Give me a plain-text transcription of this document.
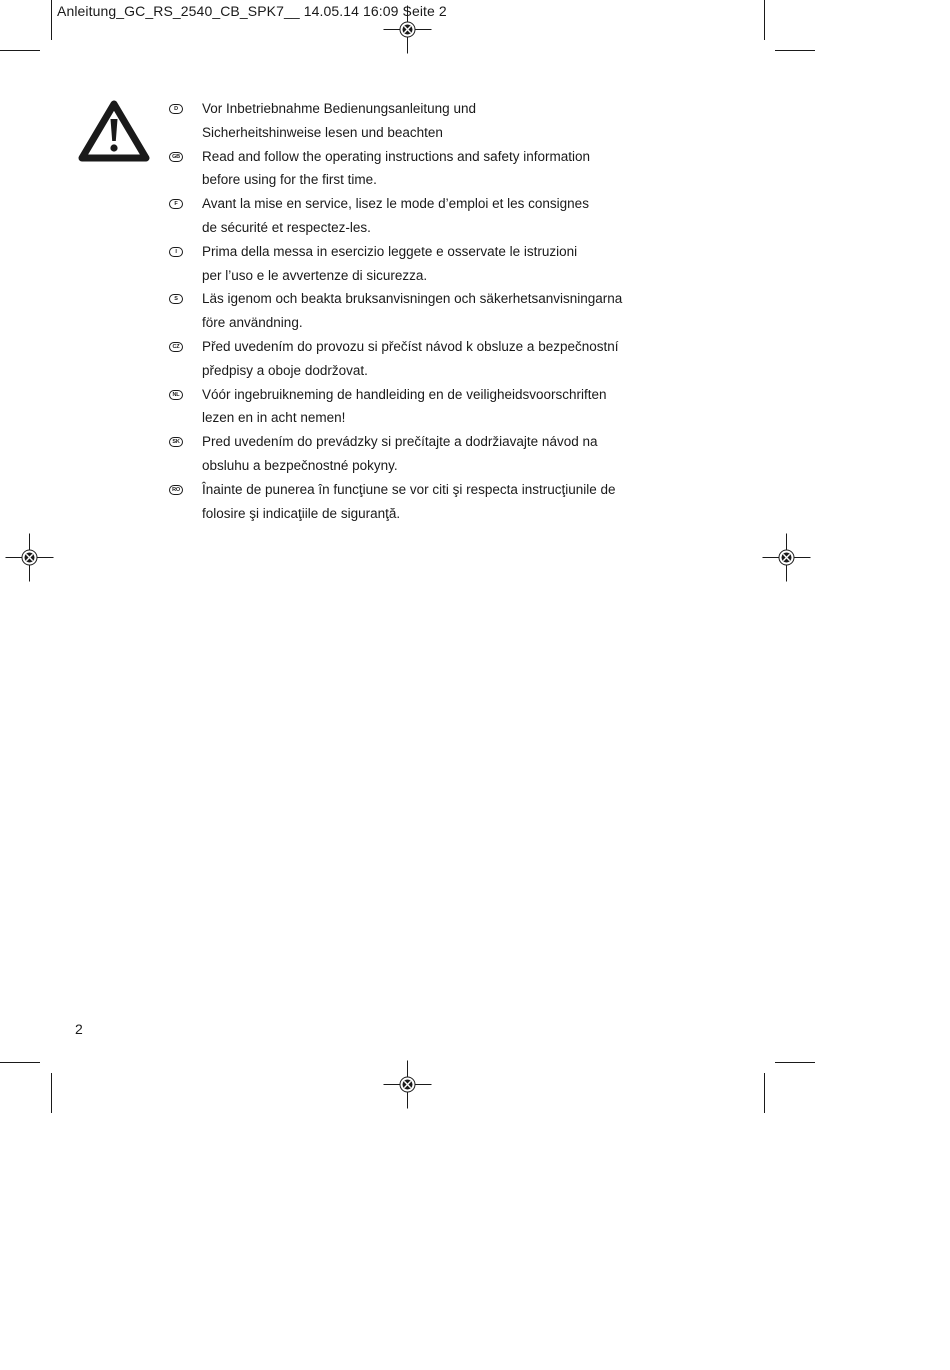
Anleitung_GC_RS_2540_CB_SPK7__ 14.05.14 16:09 Seite 2
D	Vor Inbetriebnahme Bedienungsanleitung und
Sicherheitshinweise lesen und beachten
GB Read and follow the operating instructions and safety information
before using for the first time.
F	Avant la mise en service, lisez le mode d’emploi et les consignes
de sécurité et respectez-les.
I	Prima della messa in esercizio leggete e osservate le istruzioni
per l’uso e le avvertenze di sicurezza.
S	Läs igenom och beakta bruksanvisningen och säkerhetsanvisningarna
före användning.
CZ Před uvedením do provozu si přečíst návod k obsluze a bezpečnostní
předpisy a oboje dodržovat.
NL Vóór ingebruikneming de handleiding en de veiligheidsvoorschriften
lezen en in acht nemen!
SK Pred uvedením do prevádzky si prečítajte a dodržiavajte návod na
obsluhu a bezpečnostné pokyny.
RO Înainte de punerea în funcţiune se vor citi şi respecta instrucţiunile de
folosire şi indicaţiile de siguranţă.
2
